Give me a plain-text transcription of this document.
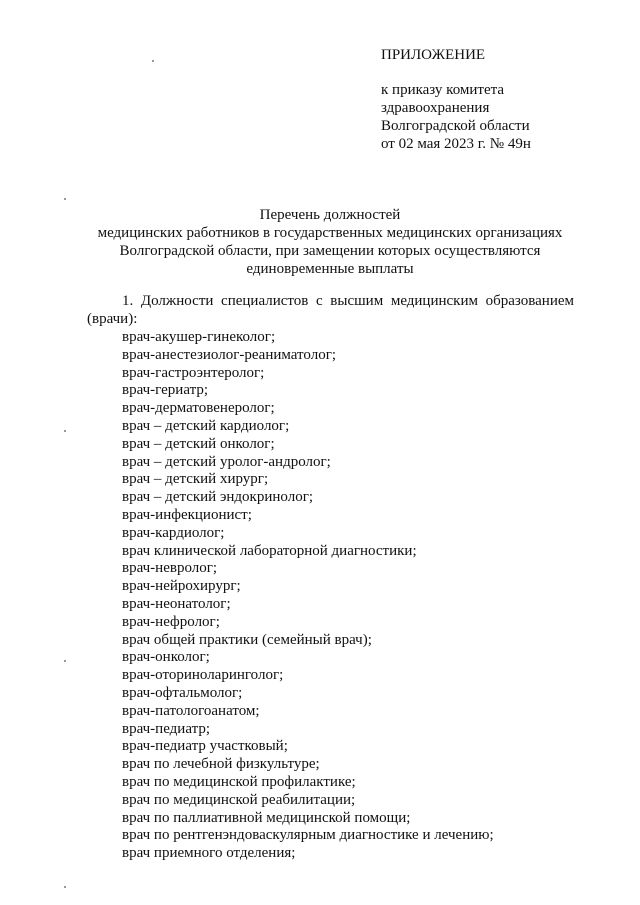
ПРИЛОЖЕНИЕ
к приказу комитета
здравоохранения
Волгоградской области
от 02 мая 2023 г. № 49н
Перечень должностей
медицинских работников в государственных медицинских организациях
Волгоградской области, при замещении которых осуществляются
единовременные выплаты
1. Должности специалистов с высшим медицинским образованием (врачи):
врач-акушер-гинеколог;
врач-анестезиолог-реаниматолог;
врач-гастроэнтеролог;
врач-гериатр;
врач-дерматовенеролог;
врач – детский кардиолог;
врач – детский онколог;
врач – детский уролог-андролог;
врач – детский хирург;
врач – детский эндокринолог;
врач-инфекционист;
врач-кардиолог;
врач клинической лабораторной диагностики;
врач-невролог;
врач-нейрохирург;
врач-неонатолог;
врач-нефролог;
врач общей практики (семейный врач);
врач-онколог;
врач-оториноларинголог;
врач-офтальмолог;
врач-патологоанатом;
врач-педиатр;
врач-педиатр участковый;
врач по лечебной физкультуре;
врач по медицинской профилактике;
врач по медицинской реабилитации;
врач по паллиативной медицинской помощи;
врач по рентгенэндоваскулярным диагностике и лечению;
врач приемного отделения;
